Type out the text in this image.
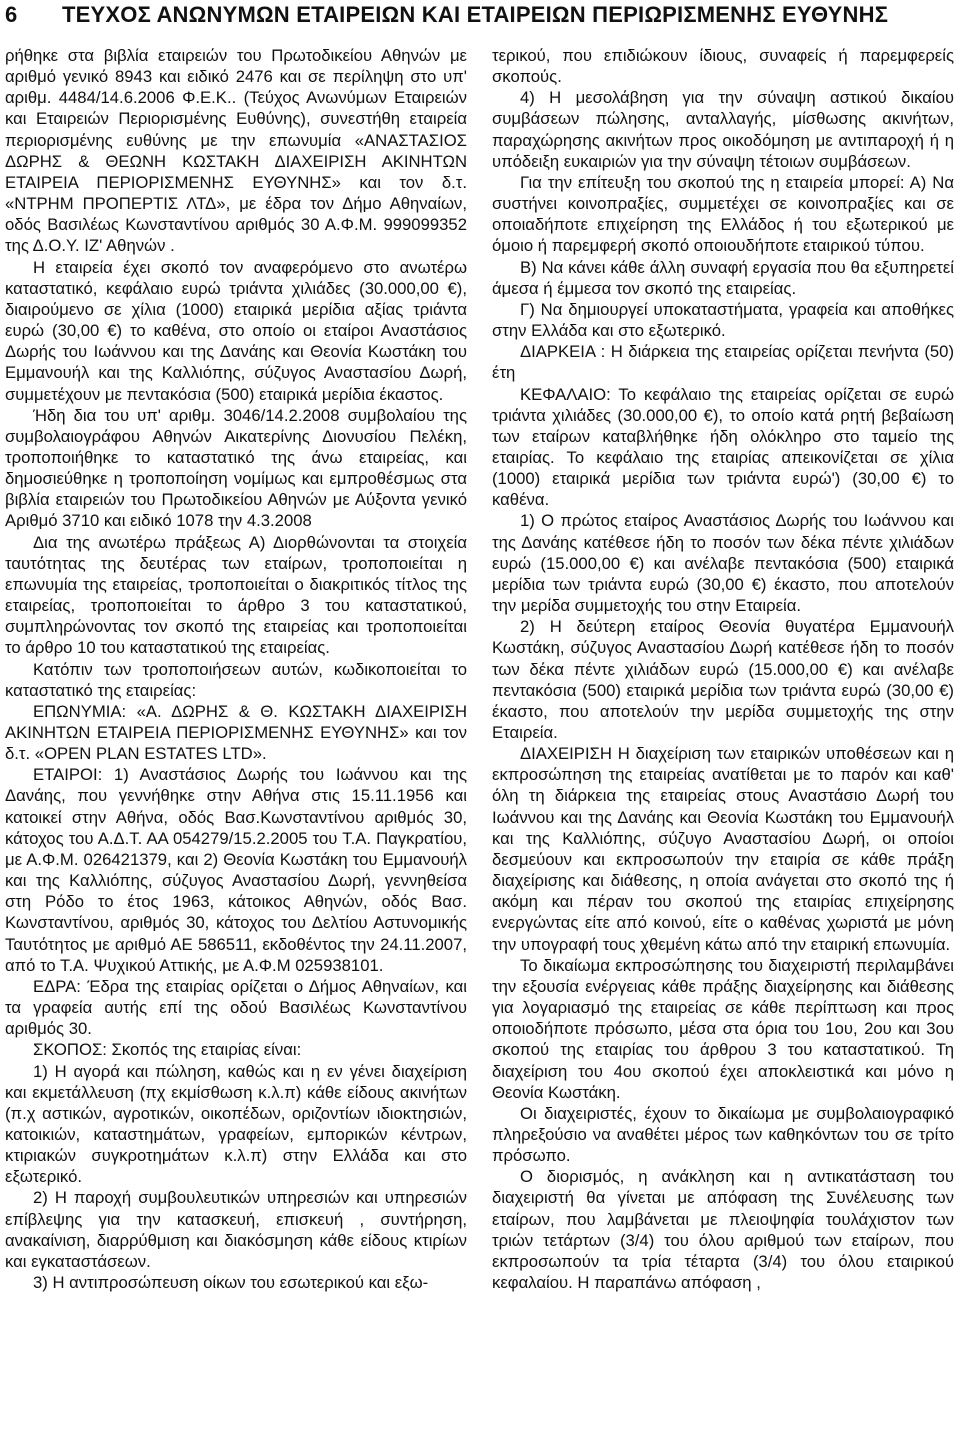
6 ΤΕΥΧΟΣ ΑΝΩΝΥΜΩΝ ΕΤΑΙΡΕΙΩΝ ΚΑΙ ΕΤΑΙΡΕΙΩΝ ΠΕΡΙΩΡΙΣΜΕΝΗΣ ΕΥΘΥΝΗΣ

ρήθηκε στα βιβλία εταιρειών του Πρωτοδικείου Αθηνών με αριθμό γενικό 8943 και ειδικό 2476 και σε περίληψη στο υπ' αριθμ. 4484/14.6.2006 Φ.Ε.Κ.. (Τεύχος Ανωνύμων Εταιρειών και Εταιρειών Περιορισμένης Ευθύνης), συνεστήθη εταιρεία περιορισμένης ευθύνης με την επωνυμία «ΑΝΑΣΤΑΣΙΟΣ ΔΩΡΗΣ & ΘΕΩΝΗ ΚΩΣΤΑΚΗ ΔΙΑΧΕΙΡΙΣΗ ΑΚΙΝΗΤΩΝ ΕΤΑΙΡΕΙΑ ΠΕΡΙΟΡΙΣΜΕΝΗΣ ΕΥΘΥΝΗΣ» και τον δ.τ. «ΝΤΡΗΜ ΠΡΟΠΕΡΤΙΣ ΛΤΔ», με έδρα τον Δήμο Αθηναίων, οδός Βασιλέως Κωνσταντίνου αριθμός 30 Α.Φ.Μ. 999099352 της Δ.Ο.Υ. ΙΖ' Αθηνών .

Η εταιρεία έχει σκοπό τον αναφερόμενο στο ανωτέρω καταστατικό, κεφάλαιο ευρώ τριάντα χιλιάδες (30.000,00 €), διαιρούμενο σε χίλια (1000) εταιρικά μερίδια αξίας τριάντα ευρώ (30,00 €) το καθένα, στο οποίο οι εταίροι Αναστάσιος Δωρής του Ιωάννου και της Δανάης και Θεονία Κωστάκη του Εμμανουήλ και της Καλλιόπης, σύζυγος Αναστασίου Δωρή, συμμετέχουν με πεντακόσια (500) εταιρικά μερίδια έκαστος.

Ήδη δια του υπ' αριθμ. 3046/14.2.2008 συμβολαίου της συμβολαιογράφου Αθηνών Αικατερίνης Διονυσίου Πελέκη, τροποποιήθηκε το καταστατικό της άνω εταιρείας, και δημοσιεύθηκε η τροποποίηση νομίμως και εμπροθέσμως στα βιβλία εταιρειών του Πρωτοδικείου Αθηνών με Αύξοντα γενικό Αριθμό 3710 και ειδικό 1078 την 4.3.2008

Δια της ανωτέρω πράξεως Α) Διορθώνονται τα στοιχεία ταυτότητας της δευτέρας των εταίρων, τροποποιείται η επωνυμία της εταιρείας, τροποποιείται ο διακριτικός τίτλος της εταιρείας, τροποποιείται το άρθρο 3 του καταστατικού, συμπληρώνοντας τον σκοπό της εταιρείας και τροποποιείται το άρθρο 10 του καταστατικού της εταιρείας.

Κατόπιν των τροποποιήσεων αυτών, κωδικοποιείται το καταστατικό της εταιρείας:

ΕΠΩΝΥΜΙΑ: «Α. ΔΩΡΗΣ & Θ. ΚΩΣΤΑΚΗ ΔΙΑΧΕΙΡΙΣΗ ΑΚΙΝΗΤΩΝ ΕΤΑΙΡΕΙΑ ΠΕΡΙΟΡΙΣΜΕΝΗΣ ΕΥΘΥΝΗΣ» και τον δ.τ. «OPEN PLAN ESTATES LTD».

ΕΤΑΙΡΟΙ: 1) Αναστάσιος Δωρής του Ιωάννου και της Δανάης, που γεννήθηκε στην Αθήνα στις 15.11.1956 και κατοικεί στην Αθήνα, οδός Βασ.Κωνσταντίνου αριθμός 30, κάτοχος του Α.Δ.Τ. ΑΑ 054279/15.2.2005 του Τ.Α. Παγκρατίου, με Α.Φ.Μ. 026421379, και 2) Θεονία Κωστάκη του Εμμανουήλ και της Καλλιόπης, σύζυγος Αναστασίου Δωρή, γεννηθείσα στη Ρόδο το έτος 1963, κάτοικος Αθηνών, οδός Βασ. Κωνσταντίνου, αριθμός 30, κάτοχος του Δελτίου Αστυνομικής Ταυτότητος με αριθμό ΑΕ 586511, εκδοθέντος την 24.11.2007, από το Τ.Α. Ψυχικού Αττικής, με Α.Φ.Μ 025938101.

ΕΔΡΑ: Έδρα της εταιρίας ορίζεται ο Δήμος Αθηναίων, και τα γραφεία αυτής επί της οδού Βασιλέως Κωνσταντίνου αριθμός 30.

ΣΚΟΠΟΣ: Σκοπός της εταιρίας είναι:

1) Η αγορά και πώληση, καθώς και η εν γένει διαχείριση και εκμετάλλευση (πχ εκμίσθωση κ.λ.π) κάθε είδους ακινήτων (π.χ αστικών, αγροτικών, οικοπέδων, οριζοντίων ιδιοκτησιών, κατοικιών, καταστημάτων, γραφείων, εμπορικών κέντρων, κτιριακών συγκροτημάτων κ.λ.π) στην Ελλάδα και στο εξωτερικό.

2) Η παροχή συμβουλευτικών υπηρεσιών και υπηρεσιών επίβλεψης για την κατασκευή, επισκευή , συντήρηση, ανακαίνιση, διαρρύθμιση και διακόσμηση κάθε είδους κτιρίων και εγκαταστάσεων.

3) Η αντιπροσώπευση οίκων του εσωτερικού και εξω-

τερικού, που επιδιώκουν ίδιους, συναφείς ή παρεμφερείς σκοπούς.

4) Η μεσολάβηση για την σύναψη αστικού δικαίου συμβάσεων πώλησης, ανταλλαγής, μίσθωσης ακινήτων, παραχώρησης ακινήτων προς οικοδόμηση με αντιπαροχή ή η υπόδειξη ευκαιριών για την σύναψη τέτοιων συμβάσεων.

Για την επίτευξη του σκοπού της η εταιρεία μπορεί: Α) Να συστήνει κοινοπραξίες, συμμετέχει σε κοινοπραξίες και σε οποιαδήποτε επιχείρηση της Ελλάδος ή του εξωτερικού με όμοιο ή παρεμφερή σκοπό οποιουδήποτε εταιρικού τύπου.

Β) Να κάνει κάθε άλλη συναφή εργασία που θα εξυπηρετεί άμεσα ή έμμεσα τον σκοπό της εταιρείας.

Γ) Να δημιουργεί υποκαταστήματα, γραφεία και αποθήκες στην Ελλάδα και στο εξωτερικό.

ΔΙΑΡΚΕΙΑ : Η διάρκεια της εταιρείας ορίζεται πενήντα (50) έτη

ΚΕΦΑΛΑΙΟ: Το κεφάλαιο της εταιρείας ορίζεται σε ευρώ τριάντα χιλιάδες (30.000,00 €), το οποίο κατά ρητή βεβαίωση των εταίρων καταβλήθηκε ήδη ολόκληρο στο ταμείο της εταιρίας. Το κεφάλαιο της εταιρίας απεικονίζεται σε χίλια (1000) εταιρικά μερίδια των τριάντα ευρώ') (30,00 €) το καθένα.

1) Ο πρώτος εταίρος Αναστάσιος Δωρής του Ιωάννου και της Δανάης κατέθεσε ήδη το ποσόν των δέκα πέντε χιλιάδων ευρώ (15.000,00 €) και ανέλαβε πεντακόσια (500) εταιρικά μερίδια των τριάντα ευρώ (30,00 €) έκαστο, που αποτελούν την μερίδα συμμετοχής του στην Εταιρεία.

2) Η δεύτερη εταίρος Θεονία θυγατέρα Εμμανουήλ Κωστάκη, σύζυγος Αναστασίου Δωρή κατέθεσε ήδη το ποσόν των δέκα πέντε χιλιάδων ευρώ (15.000,00 €) και ανέλαβε πεντακόσια (500) εταιρικά μερίδια των τριάντα ευρώ (30,00 €) έκαστο, που αποτελούν την μερίδα συμμετοχής της στην Εταιρεία.

ΔΙΑΧΕΙΡΙΣΗ Η διαχείριση των εταιρικών υποθέσεων και η εκπροσώπηση της εταιρείας ανατίθεται με το παρόν και καθ' όλη τη διάρκεια της εταιρείας στους Αναστάσιο Δωρή του Ιωάννου και της Δανάης και Θεονία Κωστάκη του Εμμανουήλ και της Καλλιόπης, σύζυγο Αναστασίου Δωρή, οι οποίοι δεσμεύουν και εκπροσωπούν την εταιρία σε κάθε πράξη διαχείρισης και διάθεσης, η οποία ανάγεται στο σκοπό της ή ακόμη και πέραν του σκοπού της εταιρίας επιχείρησης ενεργώντας είτε από κοινού, είτε ο καθένας χωριστά με μόνη την υπογραφή τους χθεμένη κάτω από την εταιρική επωνυμία.

Το δικαίωμα εκπροσώπησης του διαχειριστή περιλαμβάνει την εξουσία ενέργειας κάθε πράξης διαχείρησης και διάθεσης για λογαριασμό της εταιρείας σε κάθε περίπτωση και προς οποιοδήποτε πρόσωπο, μέσα στα όρια του 1ου, 2ου και 3ου σκοπού της εταιρίας του άρθρου 3 του καταστατικού. Τη διαχείριση του 4ου σκοπού έχει αποκλειστικά και μόνο η Θεονία Κωστάκη.

Οι διαχειριστές, έχουν το δικαίωμα με συμβολαιογραφικό πληρεξούσιο να αναθέτει μέρος των καθηκόντων του σε τρίτο πρόσωπο.

Ο διορισμός, η ανάκληση και η αντικατάσταση του διαχειριστή θα γίνεται με απόφαση της Συνέλευσης των εταίρων, που λαμβάνεται με πλειοψηφία τουλάχιστον των τριών τετάρτων (3/4) του όλου αριθμού των εταίρων, που εκπροσωπούν τα τρία τέταρτα (3/4) του όλου εταιρικού κεφαλαίου. Η παραπάνω απόφαση ,
